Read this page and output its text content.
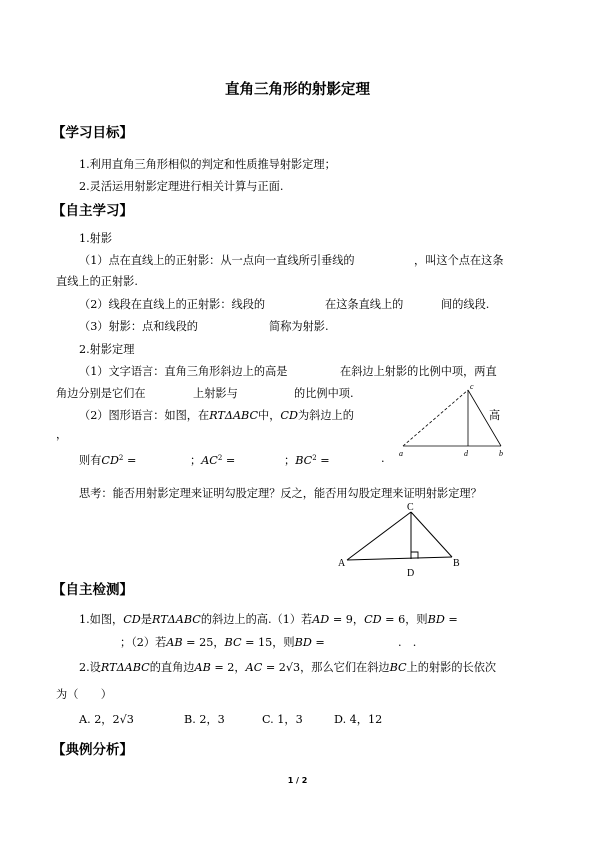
直角三角形的射影定理
【学习目标】
1.利用直角三角形相似的判定和性质推导射影定理；
2.灵活运用射影定理进行相关计算与正面.
【自主学习】
1.射影
（1）点在直线上的正射影：从一点向一直线所引垂线的	，叫这个点在这条
直线上的正射影.
（2）线段在直线上的正射影：线段的	在这条直线上的	间的线段.
（3）射影：点和线段的	简称为射影.
2.射影定理
（1）文字语言：直角三角形斜边上的高是	在斜边上射影的比例中项，两直
角边分别是它们在	上射影与	的比例中项.
（2）图形语言：如图，在RTΔABC中，CD为斜边上的	高
，
则有$CD^2$ =	；$AC^2$ =	；$BC^2$ =	.
c
a	d	b
思考：能否用射影定理来证明勾股定理？反之，能否用勾股定理来证明射影定理？
C
A	B
D
【自主检测】
1.如图，CD是RTΔABC的斜边上的高.（1）若AD = 9，CD = 6，则BD =
；（2）若AB = 25，BC = 15，则BD =	.　.
2.设RTΔABC的直角边AB = 2，AC = 2√3，那么它们在斜边BC上的射影的长依次
为（　　）
A. 2，2√3	B. 2，3	C. 1，3	D. 4，12
【典例分析】
1 / 2
